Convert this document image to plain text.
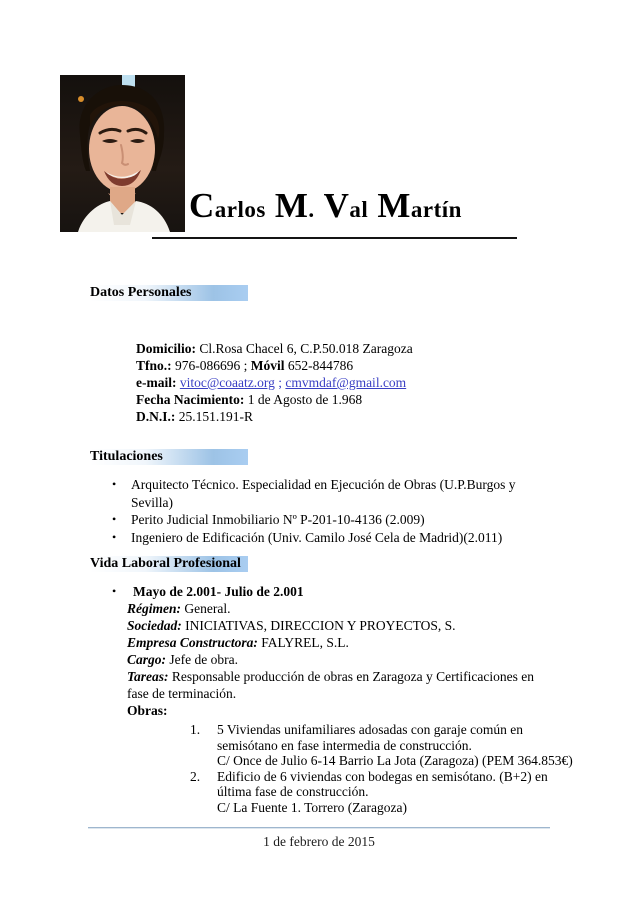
Carlos M. Val Martín
Datos Personales
Domicilio: Cl.Rosa Chacel 6, C.P.50.018 Zaragoza
Tfno.: 976-086696 ; Móvil 652-844786
e-mail: vitoc@coaatz.org ; cmvmdaf@gmail.com
Fecha Nacimiento: 1 de Agosto de 1.968
D.N.I.: 25.151.191-R
Titulaciones
•	Arquitecto Técnico. Especialidad en Ejecución de Obras (U.P.Burgos y Sevilla)
•	Perito Judicial Inmobiliario Nº P-201-10-4136 (2.009)
•	Ingeniero de Edificación (Univ. Camilo José Cela de Madrid)(2.011)
Vida Laboral Profesional
•	Mayo de 2.001- Julio de 2.001
Régimen: General.
Sociedad: INICIATIVAS, DIRECCION Y PROYECTOS, S.
Empresa Constructora: FALYREL, S.L.
Cargo: Jefe de obra.
Tareas: Responsable producción de obras en Zaragoza y Certificaciones en fase de terminación.
Obras:
1.	5 Viviendas unifamiliares adosadas con garaje común en semisótano en fase intermedia de construcción.
C/ Once de Julio 6-14 Barrio La Jota (Zaragoza) (PEM 364.853€)
2.	Edificio de 6 viviendas con bodegas en semisótano. (B+2) en última fase de construcción.
C/ La Fuente 1. Torrero (Zaragoza)
1 de febrero de 2015
